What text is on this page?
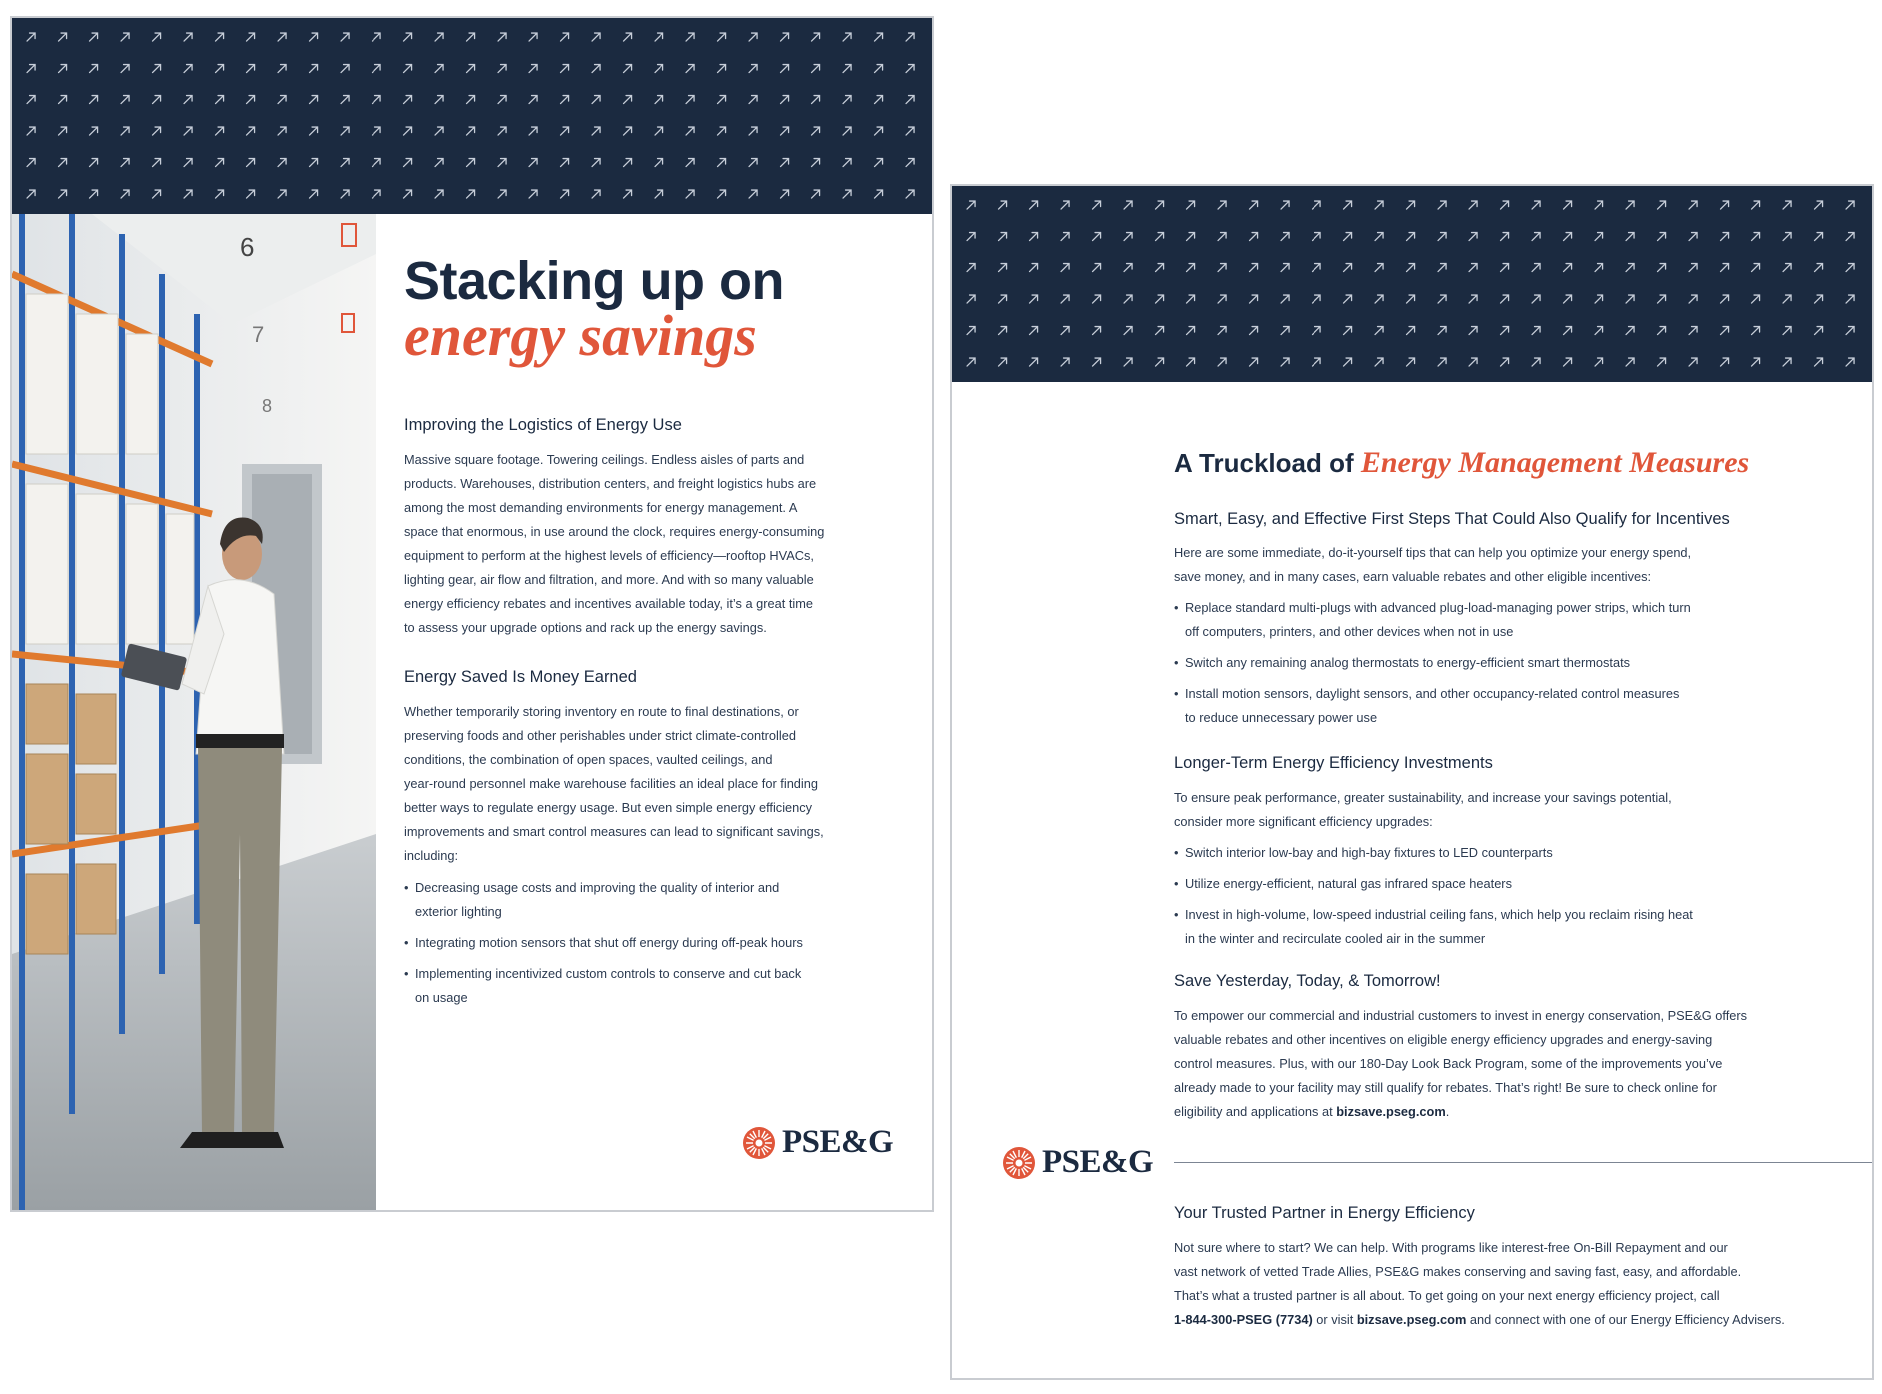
6
7
8
Stacking up on
energy savings
Improving the Logistics of Energy Use
Massive square footage. Towering ceilings. Endless aisles of parts and
products. Warehouses, distribution centers, and freight logistics hubs are
among the most demanding environments for energy management. A
space that enormous, in use around the clock, requires energy-consuming
equipment to perform at the highest levels of efficiency—rooftop HVACs,
lighting gear, air flow and filtration, and more. And with so many valuable
energy efficiency rebates and incentives available today, it’s a great time
to assess your upgrade options and rack up the energy savings.
Energy Saved Is Money Earned
Whether temporarily storing inventory en route to final destinations, or
preserving foods and other perishables under strict climate-controlled
conditions, the combination of open spaces, vaulted ceilings, and
year-round personnel make warehouse facilities an ideal place for finding
better ways to regulate energy usage. But even simple energy efficiency
improvements and smart control measures can lead to significant savings,
including:
• Decreasing usage costs and improving the quality of interior and
exterior lighting
• Integrating motion sensors that shut off energy during off-peak hours
• Implementing incentivized custom controls to conserve and cut back
on usage
PSE&G
A Truckload of Energy Management Measures
Smart, Easy, and Effective First Steps That Could Also Qualify for Incentives
Here are some immediate, do-it-yourself tips that can help you optimize your energy spend,
save money, and in many cases, earn valuable rebates and other eligible incentives:
• Replace standard multi-plugs with advanced plug-load-managing power strips, which turn
off computers, printers, and other devices when not in use
• Switch any remaining analog thermostats to energy-efficient smart thermostats
• Install motion sensors, daylight sensors, and other occupancy-related control measures
to reduce unnecessary power use
Longer-Term Energy Efficiency Investments
To ensure peak performance, greater sustainability, and increase your savings potential,
consider more significant efficiency upgrades:
• Switch interior low-bay and high-bay fixtures to LED counterparts
• Utilize energy-efficient, natural gas infrared space heaters
• Invest in high-volume, low-speed industrial ceiling fans, which help you reclaim rising heat
in the winter and recirculate cooled air in the summer
Save Yesterday, Today, & Tomorrow!
To empower our commercial and industrial customers to invest in energy conservation, PSE&G offers
valuable rebates and other incentives on eligible energy efficiency upgrades and energy-saving
control measures. Plus, with our 180-Day Look Back Program, some of the improvements you’ve
already made to your facility may still qualify for rebates. That’s right! Be sure to check online for
eligibility and applications at bizsave.pseg.com.
PSE&G
Your Trusted Partner in Energy Efficiency
Not sure where to start? We can help. With programs like interest-free On-Bill Repayment and our
vast network of vetted Trade Allies, PSE&G makes conserving and saving fast, easy, and affordable.
That’s what a trusted partner is all about. To get going on your next energy efficiency project, call
1-844-300-PSEG (7734) or visit bizsave.pseg.com and connect with one of our Energy Efficiency Advisers.
